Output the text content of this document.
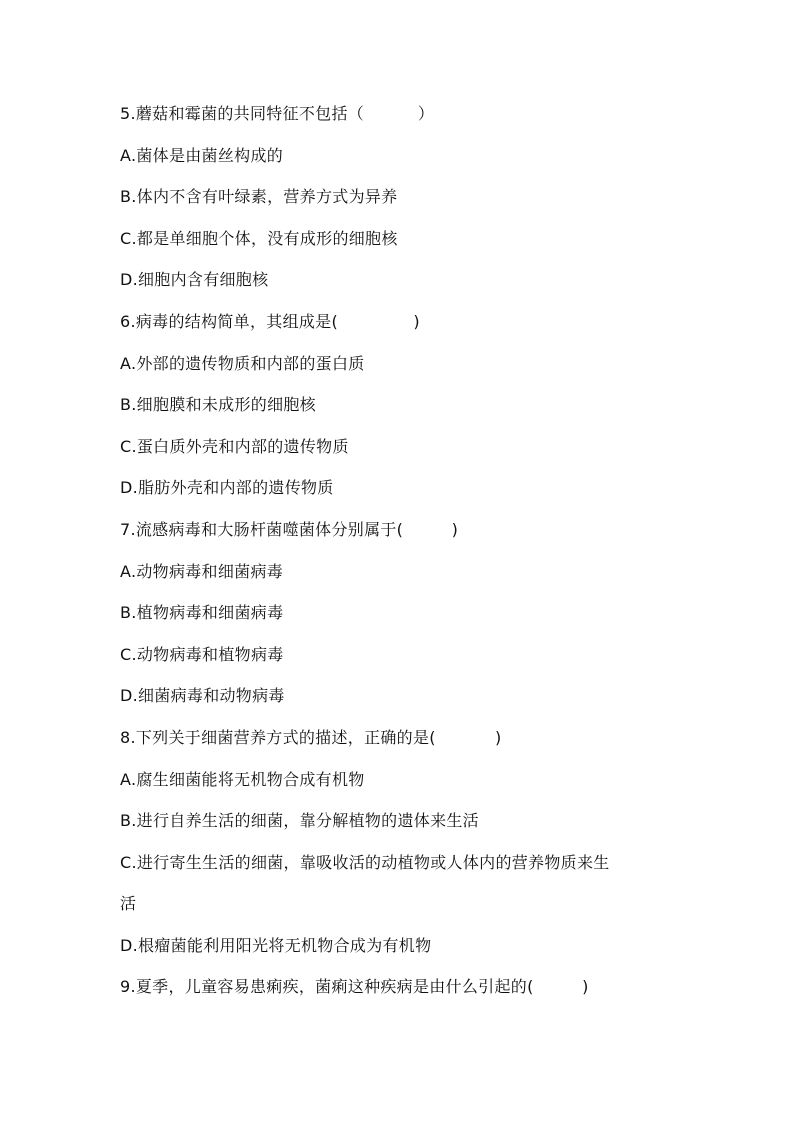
5.蘑菇和霉菌的共同特征不包括（          ）
A.菌体是由菌丝构成的
B.体内不含有叶绿素，营养方式为异养
C.都是单细胞个体，没有成形的细胞核
D.细胞内含有细胞核
6.病毒的结构简单，其组成是(              )
A.外部的遗传物质和内部的蛋白质
B.细胞膜和未成形的细胞核
C.蛋白质外壳和内部的遗传物质
D.脂肪外壳和内部的遗传物质
7.流感病毒和大肠杆菌噬菌体分别属于(         )
A.动物病毒和细菌病毒
B.植物病毒和细菌病毒
C.动物病毒和植物病毒
D.细菌病毒和动物病毒
8.下列关于细菌营养方式的描述，正确的是(           )
A.腐生细菌能将无机物合成有机物
B.进行自养生活的细菌，靠分解植物的遗体来生活
C.进行寄生生活的细菌，靠吸收活的动植物或人体内的营养物质来生
活
D.根瘤菌能利用阳光将无机物合成为有机物
9.夏季，儿童容易患痢疾，菌痢这种疾病是由什么引起的(         )
